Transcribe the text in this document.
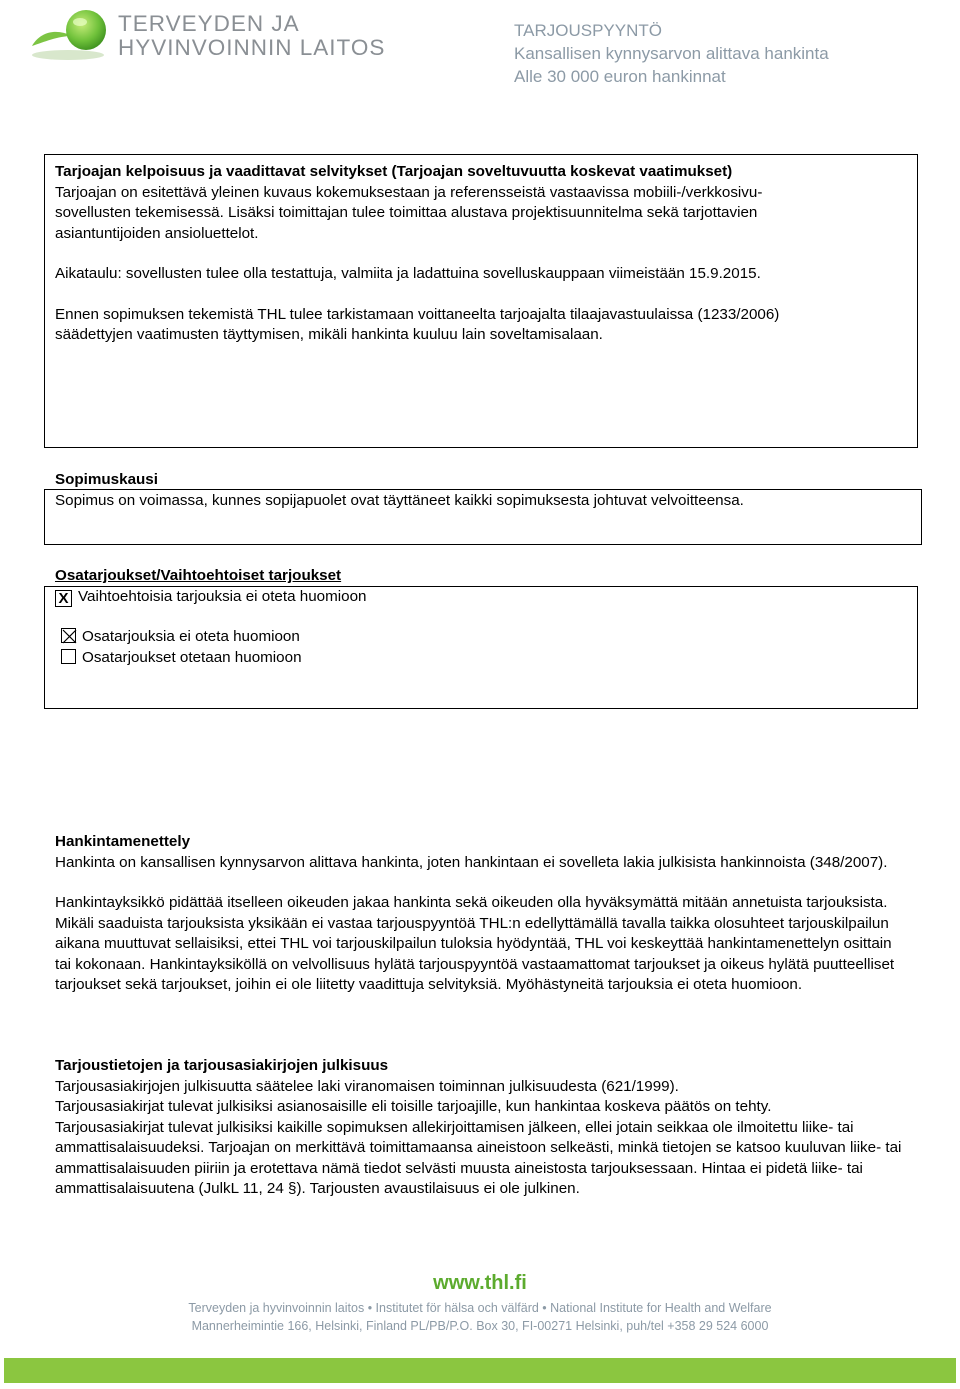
TERVEYDEN JA
HYVINVOINNIN LAITOS
TARJOUSPYYNTÖ
Kansallisen kynnysarvon alittava hankinta
Alle 30 000 euron hankinnat

Tarjoajan kelpoisuus ja vaadittavat selvitykset (Tarjoajan soveltuvuutta koskevat vaatimukset)

Tarjoajan on esitettävä yleinen kuvaus kokemuksestaan ja referensseistä vastaavissa mobiili-/verkkosivu-

sovellusten tekemisessä. Lisäksi toimittajan tulee toimittaa alustava projektisuunnitelma sekä tarjottavien

asiantuntijoiden ansioluettelot.

Aikataulu: sovellusten tulee olla testattuja, valmiita ja ladattuina sovelluskauppaan viimeistään 15.9.2015.

Ennen sopimuksen tekemistä THL tulee tarkistamaan voittaneelta tarjoajalta tilaajavastuulaissa (1233/2006)

säädettyjen vaatimusten täyttymisen, mikäli hankinta kuuluu lain soveltamisalaan.

Sopimuskausi

Sopimus on voimassa, kunnes sopijapuolet ovat täyttäneet kaikki sopimuksesta johtuvat velvoitteensa.

Osatarjoukset/Vaihtoehtoiset tarjoukset

X Vaihtoehtoisia tarjouksia ei oteta huomioon

Osatarjouksia ei oteta huomioon

Osatarjoukset otetaan huomioon

Hankintamenettely

Hankinta on kansallisen kynnysarvon alittava hankinta, joten hankintaan ei sovelleta lakia julkisista hankinnoista (348/2007).

Hankintayksikkö pidättää itselleen oikeuden jakaa hankinta sekä oikeuden olla hyväksymättä mitään annetuista tarjouksista. Mikäli saaduista tarjouksista yksikään ei vastaa tarjouspyyntöä THL:n edellyttämällä tavalla taikka olosuhteet tarjouskilpailun aikana muuttuvat sellaisiksi, ettei THL voi tarjouskilpailun tuloksia hyödyntää, THL voi keskeyttää hankintamenettelyn osittain tai kokonaan. Hankintayksiköllä on velvollisuus hylätä tarjouspyyntöä vastaamattomat tarjoukset ja oikeus hylätä puutteelliset tarjoukset sekä tarjoukset, joihin ei ole liitetty vaadittuja selvityksiä. Myöhästyneitä tarjouksia ei oteta huomioon.

Tarjoustietojen ja tarjousasiakirjojen julkisuus

Tarjousasiakirjojen julkisuutta säätelee laki viranomaisen toiminnan julkisuudesta (621/1999).

Tarjousasiakirjat tulevat julkisiksi asianosaisille eli toisille tarjoajille, kun hankintaa koskeva päätös on tehty.

Tarjousasiakirjat tulevat julkisiksi kaikille sopimuksen allekirjoittamisen jälkeen, ellei jotain seikkaa ole ilmoitettu liike- tai ammattisalaisuudeksi. Tarjoajan on merkittävä toimittamaansa aineistoon selkeästi, minkä tietojen se katsoo kuuluvan liike- tai ammattisalaisuuden piiriin ja erotettava nämä tiedot selvästi muusta aineistosta tarjouksessaan. Hintaa ei pidetä liike- tai ammattisalaisuutena (JulkL 11, 24 §). Tarjousten avaustilaisuus ei ole julkinen.

www.thl.fi
Terveyden ja hyvinvoinnin laitos • Institutet för hälsa och välfärd • National Institute for Health and Welfare
Mannerheimintie 166, Helsinki, Finland PL/PB/P.O. Box 30, FI-00271 Helsinki, puh/tel +358 29 524 6000
